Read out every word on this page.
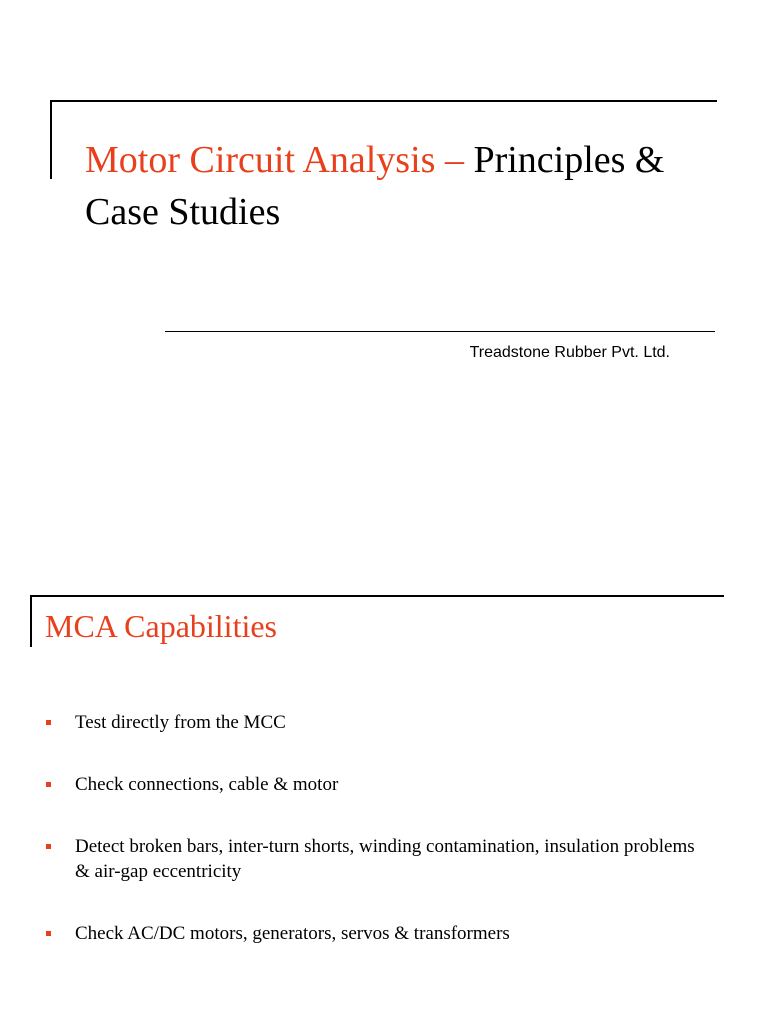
Motor Circuit Analysis – Principles & Case Studies
Treadstone Rubber Pvt. Ltd.
MCA Capabilities
Test directly from the MCC
Check connections, cable & motor
Detect broken bars, inter-turn shorts, winding contamination, insulation problems & air-gap eccentricity
Check AC/DC motors, generators, servos & transformers
